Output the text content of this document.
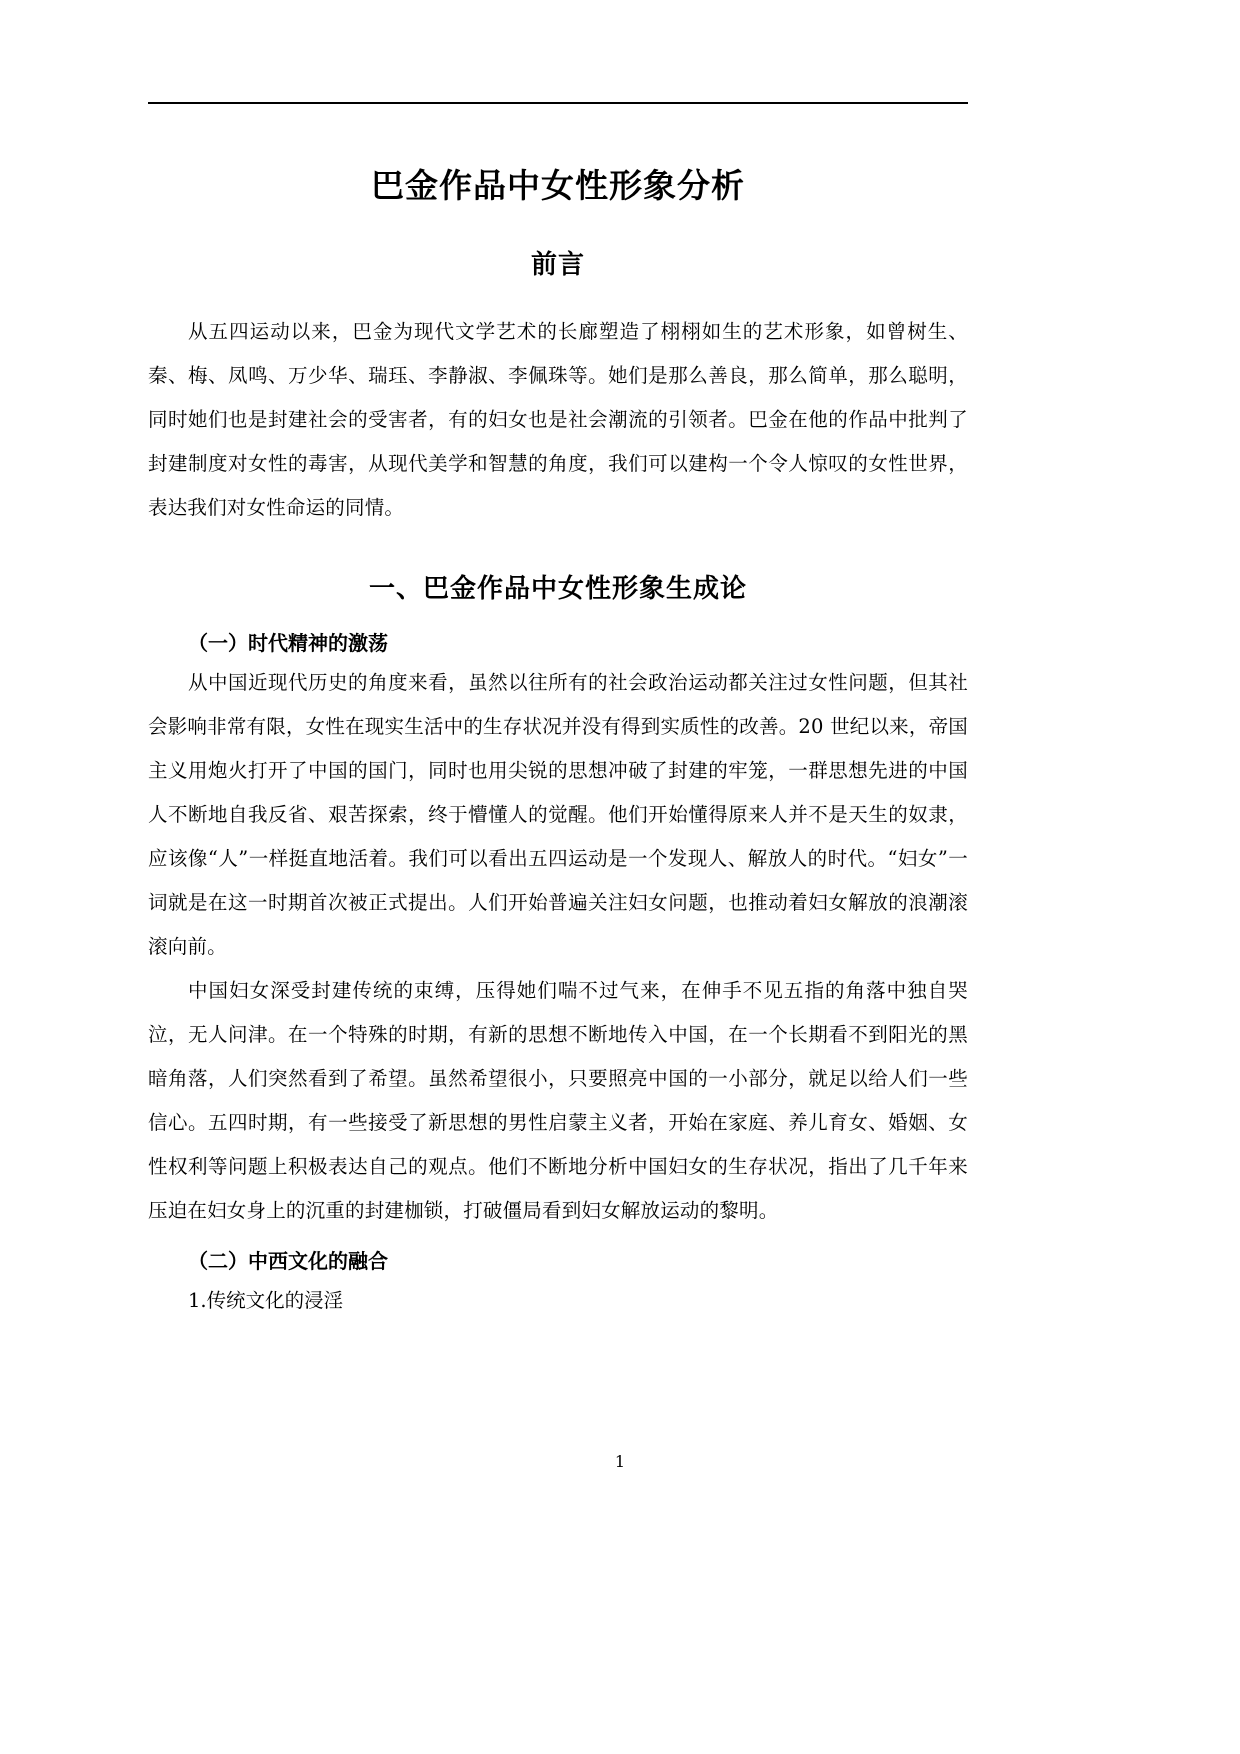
巴金作品中女性形象分析
前言

从五四运动以来，巴金为现代文学艺术的长廊塑造了栩栩如生的艺术形象，如曾树生、秦、梅、凤鸣、万少华、瑞珏、李静淑、李佩珠等。她们是那么善良，那么简单，那么聪明，同时她们也是封建社会的受害者，有的妇女也是社会潮流的引领者。巴金在他的作品中批判了封建制度对女性的毒害，从现代美学和智慧的角度，我们可以建构一个令人惊叹的女性世界，表达我们对女性命运的同情。

一、巴金作品中女性形象生成论
（一）时代精神的激荡

从中国近现代历史的角度来看，虽然以往所有的社会政治运动都关注过女性问题，但其社会影响非常有限，女性在现实生活中的生存状况并没有得到实质性的改善。20 世纪以来，帝国主义用炮火打开了中国的国门，同时也用尖锐的思想冲破了封建的牢笼，一群思想先进的中国人不断地自我反省、艰苦探索，终于懵懂人的觉醒。他们开始懂得原来人并不是天生的奴隶，应该像“人”一样挺直地活着。我们可以看出五四运动是一个发现人、解放人的时代。“妇女”一词就是在这一时期首次被正式提出。人们开始普遍关注妇女问题，也推动着妇女解放的浪潮滚滚向前。

中国妇女深受封建传统的束缚，压得她们喘不过气来，在伸手不见五指的角落中独自哭泣，无人问津。在一个特殊的时期，有新的思想不断地传入中国，在一个长期看不到阳光的黑暗角落，人们突然看到了希望。虽然希望很小，只要照亮中国的一小部分，就足以给人们一些信心。五四时期，有一些接受了新思想的男性启蒙主义者，开始在家庭、养儿育女、婚姻、女性权利等问题上积极表达自己的观点。他们不断地分析中国妇女的生存状况，指出了几千年来压迫在妇女身上的沉重的封建枷锁，打破僵局看到妇女解放运动的黎明。

（二）中西文化的融合

1.传统文化的浸淫

1
